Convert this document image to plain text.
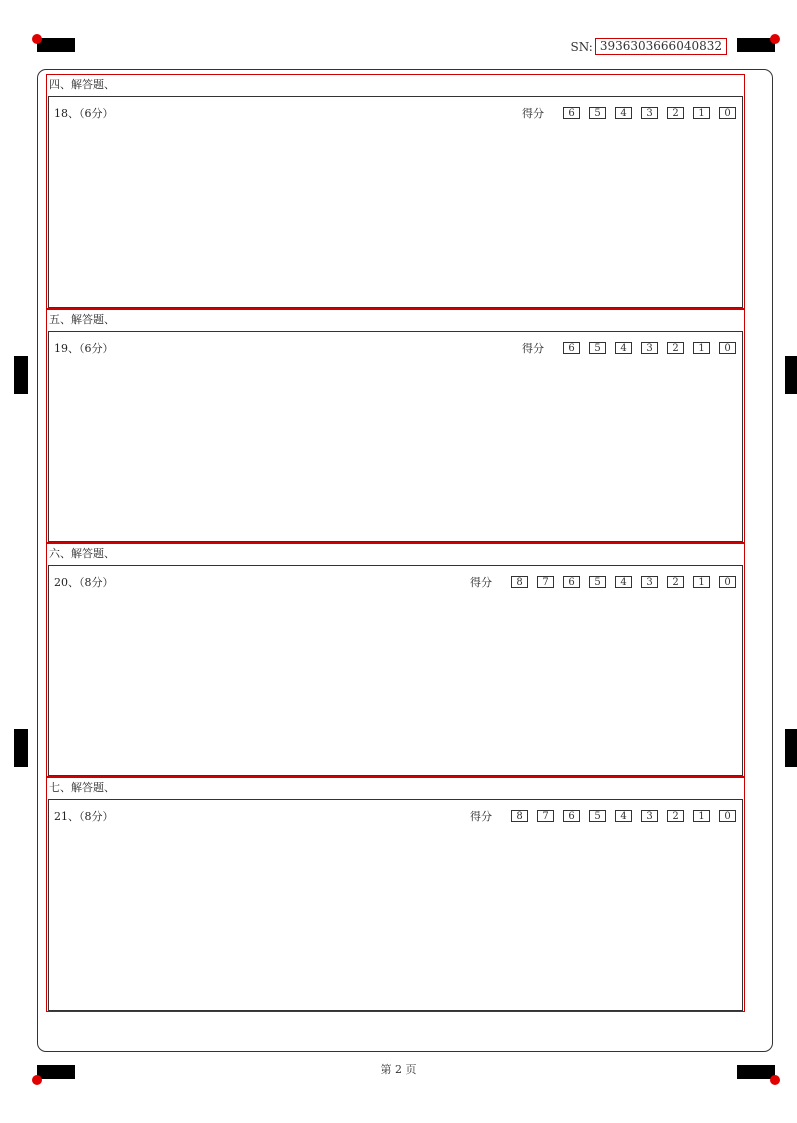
SN: 3936303666040832
四、解答题、
18、（6分）	得分	6	5	4	3	2	1	0
五、解答题、
19、（6分）	得分	6	5	4	3	2	1	0
六、解答题、
20、（8分）	得分	8	7	6	5	4	3	2	1	0
七、解答题、
21、（8分）	得分	8	7	6	5	4	3	2	1	0
第 2 页
